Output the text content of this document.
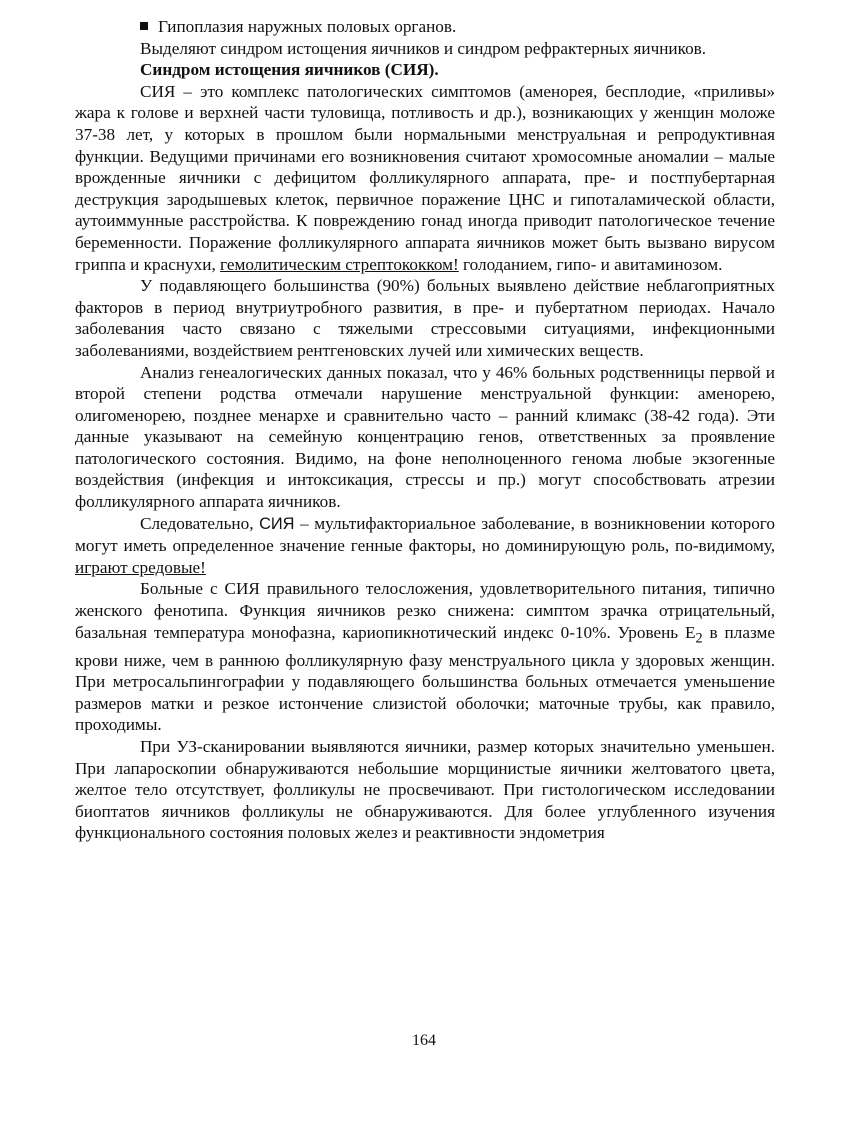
Гипоплазия наружных половых органов.

Выделяют синдром истощения яичников и синдром рефрактерных яичников.

Синдром истощения яичников (СИЯ).

СИЯ – это комплекс патологических симптомов (аменорея, бесплодие, «приливы» жара к голове и верхней части туловища, потливость и др.), возникающих у женщин моложе 37-38 лет, у которых в прошлом были нормальными менструальная и репродуктивная функции. Ведущими причинами его возникновения считают хромосомные аномалии – малые врожденные яичники с дефицитом фолликулярного аппарата, пре- и постпубертарная деструкция зародышевых клеток, первичное поражение ЦНС и гипоталамической области, аутоиммунные расстройства. К повреждению гонад иногда приводит патологическое течение беременности. Поражение фолликулярного аппарата яичников может быть вызвано вирусом гриппа и краснухи, гемолитическим стрептококком! голоданием, гипо- и авитаминозом.

У подавляющего большинства (90%) больных выявлено действие неблагоприятных факторов в период внутриутробного развития, в пре- и пубертатном периодах. Начало заболевания часто связано с тяжелыми стрессовыми ситуациями, инфекционными заболеваниями, воздействием рентгеновских лучей или химических веществ.

Анализ генеалогических данных показал, что у 46% больных родственницы первой и второй степени родства отмечали нарушение менструальной функции: аменорею, олигоменорею, позднее менархе и сравнительно часто – ранний климакс (38-42 года). Эти данные указывают на семейную концентрацию генов, ответственных за проявление патологического состояния. Видимо, на фоне неполноценного генома любые экзогенные воздействия (инфекция и интоксикация, стрессы и пр.) могут способствовать атрезии фолликулярного аппарата яичников.

Следовательно, СИЯ – мультифакториальное заболевание, в возникновении которого могут иметь определенное значение генные факторы, но доминирующую роль, по-видимому, играют средовые!

Больные с СИЯ правильного телосложения, удовлетворительного питания, типично женского фенотипа. Функция яичников резко снижена: симптом зрачка отрицательный, базальная температура монофазна, кариопикнотический индекс 0-10%. Уровень $E_2$ в плазме крови ниже, чем в раннюю фолликулярную фазу менструального цикла у здоровых женщин. При метросальпингографии у подавляющего большинства больных отмечается уменьшение размеров матки и резкое истончение слизистой оболочки; маточные трубы, как правило, проходимы.

При УЗ-сканировании выявляются яичники, размер которых значительно уменьшен. При лапароскопии обнаруживаются небольшие морщинистые яичники желтоватого цвета, желтое тело отсутствует, фолликулы не просвечивают. При гистологическом исследовании биоптатов яичников фолликулы не обнаруживаются. Для более углубленного изучения функционального состояния половых желез и реактивности эндометрия

164
